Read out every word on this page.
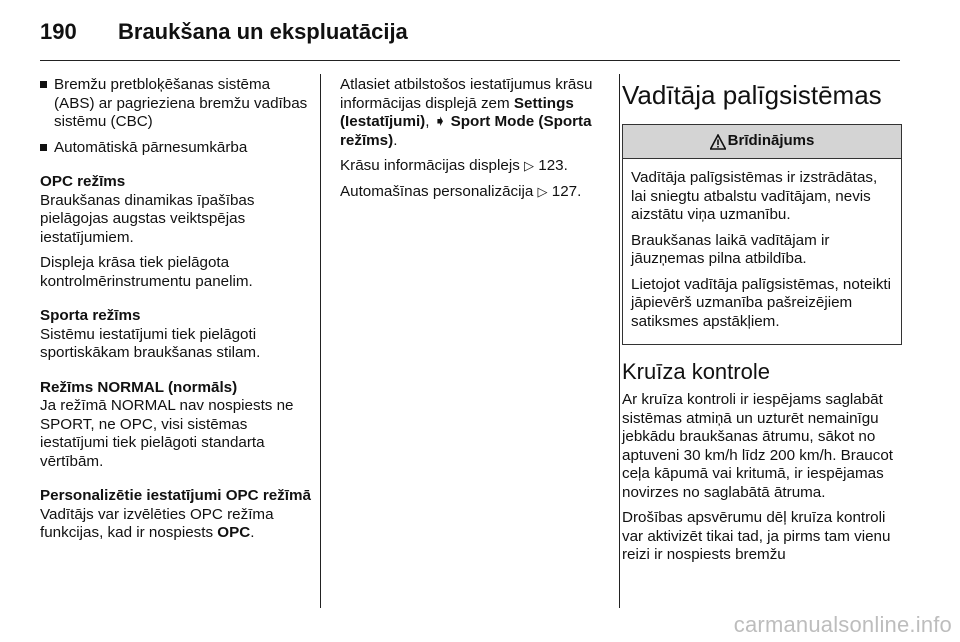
190	Braukšana un ekspluatācija
Bremžu pretbloķēšanas sistēma (ABS) ar pagrieziena bremžu vadības sistēmu (CBC)
Automātiskā pārnesumkārba
OPC režīms

Braukšanas dinamikas īpašības pielāgojas augstas veiktspējas iestatījumiem.

Displeja krāsa tiek pielāgota kontrolmērinstrumentu panelim.

Sporta režīms

Sistēmu iestatījumi tiek pielāgoti sportiskākam braukšanas stilam.

Režīms NORMAL (normāls)

Ja režīmā NORMAL nav nospiests ne SPORT, ne OPC, visi sistēmas iestatījumi tiek pielāgoti standarta vērtībām.

Personalizētie iestatījumi OPC režīmā

Vadītājs var izvēlēties OPC režīma funkcijas, kad ir nospiests OPC.

Atlasiet atbilstošos iestatījumus krāsu informācijas displejā zem Settings (Iestatījumi), ➧ Sport Mode (Sporta režīms).

Krāsu informācijas displejs ▷ 123.

Automašīnas personalizācija ▷ 127.

Vadītāja palīgsistēmas
Brīdinājums

Vadītāja palīgsistēmas ir izstrādātas, lai sniegtu atbalstu vadītājam, nevis aizstātu viņa uzmanību.

Braukšanas laikā vadītājam ir jāuzņemas pilna atbildība.

Lietojot vadītāja palīgsistēmas, noteikti jāpievērš uzmanība pašreizējiem satiksmes apstākļiem.

Kruīza kontrole

Ar kruīza kontroli ir iespējams saglabāt sistēmas atmiņā un uzturēt nemainīgu jebkādu braukšanas ātrumu, sākot no aptuveni 30 km/h līdz 200 km/h. Braucot ceļa kāpumā vai kritumā, ir iespējamas novirzes no saglabātā ātruma.

Drošības apsvērumu dēļ kruīza kontroli var aktivizēt tikai tad, ja pirms tam vienu reizi ir nospiests bremžu

carmanualsonline.info
